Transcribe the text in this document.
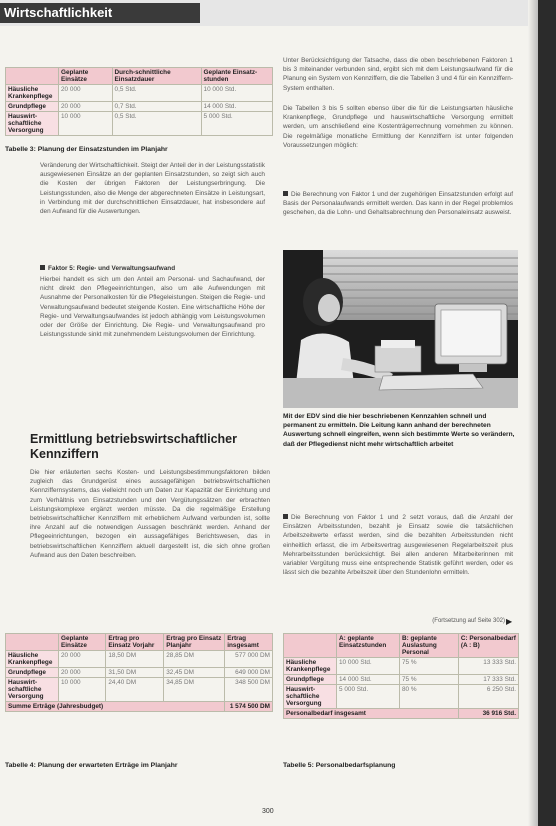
Wirtschaftlichkeit
	Geplante Einsätze	Durch-schnittliche Einsatzdauer	Geplante Einsatz-stunden
Häusliche Krankenpflege	20 000	0,5 Std.	10 000 Std.
Grundpflege	20 000	0,7 Std.	14 000 Std.
Hauswirt-schaftliche Versorgung	10 000	0,5 Std.	5 000 Std.
Tabelle 3: Planung der Einsatzstunden im Planjahr
Veränderung der Wirtschaftlichkeit. Steigt der Anteil der in der Leistungsstatistik ausgewiesenen Einsätze an der geplanten Einsatzstunden, so zeigt sich auch die Kosten der übrigen Faktoren der Leistungserbringung. Die Leistungsstunden, also die Menge der abgerechneten Einsätze in Leistungsart, in Verbindung mit der durchschnittlichen Einsatzdauer, hat insbesondere auf den Aufwand für die Auswertungen.
Faktor 5: Regie- und Verwaltungsaufwand
Hierbei handelt es sich um den Anteil am Personal- und Sachaufwand, der nicht direkt den Pflegeeinrichtungen, also um alle Aufwendungen mit Ausnahme der Personalkosten für die Pflegeleistungen. Steigen die Regie- und Verwaltungsaufwand bedeutet steigende Kosten. Eine wirtschaftliche Höhe der Regie- und Verwaltungsaufwandes ist jedoch abhängig vom Leistungsvolumen oder der Größe der Einrichtung. Die Regie- und Verwaltungsaufwand pro Leistungsstunde sinkt mit zunehmendem Leistungsvolumen der Einrichtung.
Ermittlung betriebswirtschaftlicher Kennziffern
Die hier erläuterten sechs Kosten- und Leistungsbestimmungsfaktoren bilden zugleich das Grundgerüst eines aussagefähigen betriebswirtschaftlichen Kennziffernsystems, das vielleicht noch um Daten zur Kapazität der Einrichtung und zum Verhältnis von Einsatzstunden und den Vergütungssätzen der erbrachten Leistungskomplexe ergänzt werden müsste. Da die regelmäßige Erstellung betriebswirtschaftlicher Kennziffern mit erheblichem Aufwand verbunden ist, sollte ihre Anzahl auf die notwendigen Aussagen beschränkt werden. Anhand der Pflegeeinrichtungen, bezogen ein aussagefähiges Berichtswesen, das in betriebswirtschaftlichen Kennziffern aktuell dargestellt ist, die sich ohne großen Aufwand aus den Daten beschreiben.
Unter Berücksichtigung der Tatsache, dass die oben beschriebenen Faktoren 1 bis 3 miteinander verbunden sind, ergibt sich mit dem Leistungsaufwand für die Planung ein System von Kennziffern, die die Tabellen 3 und 4 für ein Kennziffern-System enthalten.
Die Tabellen 3 bis 5 sollten ebenso über die für die Leistungsarten häusliche Krankenpflege, Grundpflege und hauswirtschaftliche Versorgung ermittelt werden, um anschließend eine Kostenträgerrechnung vornehmen zu können. Die regelmäßige monatliche Ermittlung der Kennziffern ist unter folgenden Voraussetzungen möglich:
Die Berechnung von Faktor 1 und der zugehörigen Einsatzstunden erfolgt auf Basis der Personalaufwands ermittelt werden. Das kann in der Regel problemlos geschehen, da die Lohn- und Gehaltsabrechnung den Personaleinsatz ausweist.
Mit der EDV sind die hier beschriebenen Kennzahlen schnell und permanent zu ermitteln. Die Leitung kann anhand der berechneten Auswertung schnell eingreifen, wenn sich bestimmte Werte so verändern, daß der Pflegedienst nicht mehr wirtschaftlich arbeitet
Die Berechnung von Faktor 1 und 2 setzt voraus, daß die Anzahl der Einsätzen Arbeitsstunden, bezahlt je Einsatz sowie die tatsächlichen Arbeitszeitwerte erfasst werden, sind die bezahlten Arbeitsstunden nicht einheitlich erfasst, die im Arbeitsvertrag ausgewiesenen Regelarbeitszeit plus Mehrarbeitsstunden berücksichtigt. Bei allen anderen Mitarbeiterinnen mit variabler Vergütung muss eine entsprechende Statistik geführt werden, oder es lässt sich die bezahlte Arbeitszeit über den Stundenlohn ermitteln.
(Fortsetzung auf Seite 302) ▶
	Geplante Einsätze	Ertrag pro Einsatz Vorjahr	Ertrag pro Einsatz Planjahr	Ertrag insgesamt
Häusliche Krankenpflege	20 000	18,50 DM	28,85 DM	577 000 DM
Grundpflege	20 000	31,50 DM	32,45 DM	649 000 DM
Hauswirt-schaftliche Versorgung	10 000	24,40 DM	34,85 DM	348 500 DM
Summe Erträge (Jahresbudget)				1 574 500 DM
Tabelle 4: Planung der erwarteten Erträge im Planjahr
	A: geplante Einsatzstunden	B: geplante Auslastung Personal	C: Personalbedarf (A : B)
Häusliche Krankenpflege	10 000 Std.	75 %	13 333 Std.
Grundpflege	14 000 Std.	75 %	17 333 Std.
Hauswirt-schaftliche Versorgung	5 000 Std.	80 %	6 250 Std.
Personalbedarf insgesamt			36 916 Std.
Tabelle 5: Personalbedarfsplanung
300
